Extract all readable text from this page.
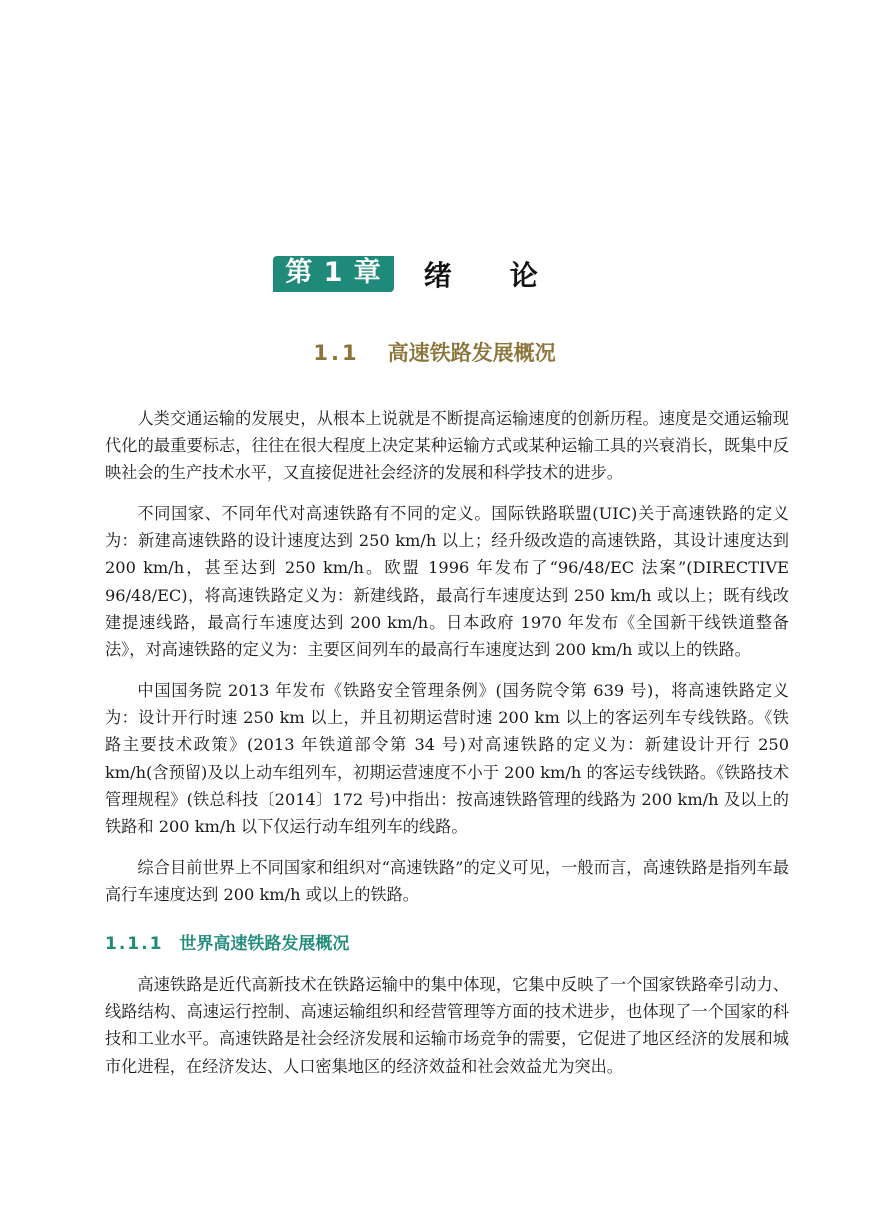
第 1 章	绪论
1.1 高速铁路发展概况

人类交通运输的发展史，从根本上说就是不断提高运输速度的创新历程。速度是交通运输现代化的最重要标志，往往在很大程度上决定某种运输方式或某种运输工具的兴衰消长，既集中反映社会的生产技术水平，又直接促进社会经济的发展和科学技术的进步。

不同国家、不同年代对高速铁路有不同的定义。国际铁路联盟(UIC)关于高速铁路的定义为：新建高速铁路的设计速度达到 250 km/h 以上；经升级改造的高速铁路，其设计速度达到 200 km/h，甚至达到 250 km/h。欧盟 1996 年发布了“96/48/EC 法案”(DIRECTIVE 96/48/EC)，将高速铁路定义为：新建线路，最高行车速度达到 250 km/h 或以上；既有线改建提速线路，最高行车速度达到 200 km/h。日本政府 1970 年发布《全国新干线铁道整备法》，对高速铁路的定义为：主要区间列车的最高行车速度达到 200 km/h 或以上的铁路。

中国国务院 2013 年发布《铁路安全管理条例》(国务院令第 639 号)，将高速铁路定义为：设计开行时速 250 km 以上，并且初期运营时速 200 km 以上的客运列车专线铁路。《铁路主要技术政策》(2013 年铁道部令第 34 号)对高速铁路的定义为：新建设计开行 250 km/h(含预留)及以上动车组列车，初期运营速度不小于 200 km/h 的客运专线铁路。《铁路技术管理规程》(铁总科技〔2014〕172 号)中指出：按高速铁路管理的线路为 200 km/h 及以上的铁路和 200 km/h 以下仅运行动车组列车的线路。

综合目前世界上不同国家和组织对“高速铁路”的定义可见，一般而言，高速铁路是指列车最高行车速度达到 200 km/h 或以上的铁路。

1.1.1 世界高速铁路发展概况

高速铁路是近代高新技术在铁路运输中的集中体现，它集中反映了一个国家铁路牵引动力、线路结构、高速运行控制、高速运输组织和经营管理等方面的技术进步，也体现了一个国家的科技和工业水平。高速铁路是社会经济发展和运输市场竞争的需要，它促进了地区经济的发展和城市化进程，在经济发达、人口密集地区的经济效益和社会效益尤为突出。
